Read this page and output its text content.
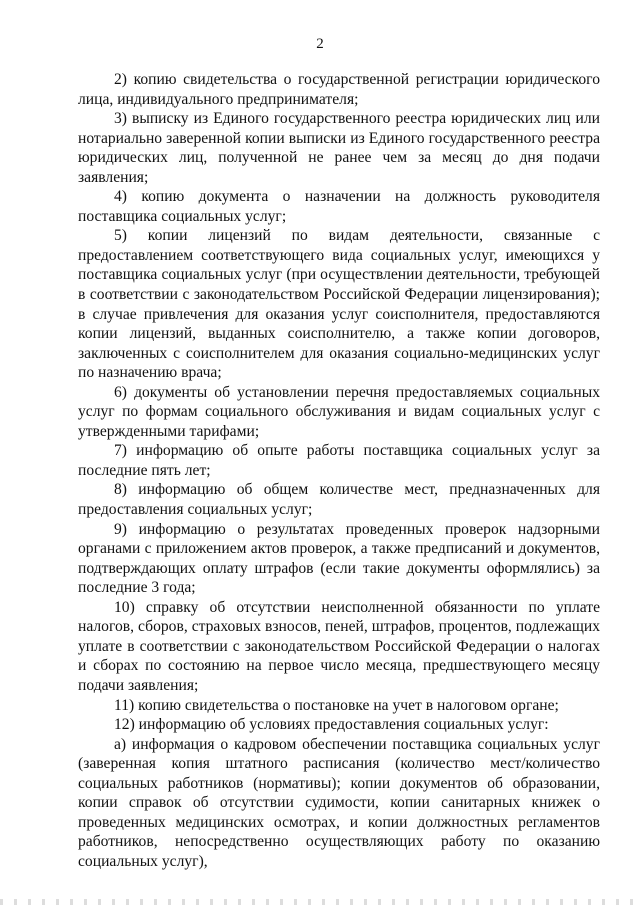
2

2) копию свидетельства о государственной регистрации юридического лица, индивидуального предпринимателя;

3) выписку из Единого государственного реестра юридических лиц или нотариально заверенной копии выписки из Единого государственного реестра юридических лиц, полученной не ранее чем за месяц до дня подачи заявления;

4) копию документа о назначении на должность руководителя поставщика социальных услуг;

5) копии лицензий по видам деятельности, связанные с предоставлением соответствующего вида социальных услуг, имеющихся у поставщика социальных услуг (при осуществлении деятельности, требующей в соответствии с законодательством Российской Федерации лицензирования); в случае привлечения для оказания услуг соисполнителя, предоставляются копии лицензий, выданных соисполнителю, а также копии договоров, заключенных с соисполнителем для оказания социально-медицинских услуг по назначению врача;

6) документы об установлении перечня предоставляемых социальных услуг по формам социального обслуживания и видам социальных услуг с утвержденными тарифами;

7) информацию об опыте работы поставщика социальных услуг за последние пять лет;

8) информацию об общем количестве мест, предназначенных для предоставления социальных услуг;

9) информацию о результатах проведенных проверок надзорными органами с приложением актов проверок, а также предписаний и документов, подтверждающих оплату штрафов (если такие документы оформлялись) за последние 3 года;

10) справку об отсутствии неисполненной обязанности по уплате налогов, сборов, страховых взносов, пеней, штрафов, процентов, подлежащих уплате в соответствии с законодательством Российской Федерации о налогах и сборах по состоянию на первое число месяца, предшествующего месяцу подачи заявления;

11) копию свидетельства о постановке на учет в налоговом органе;

12) информацию об условиях предоставления социальных услуг:

а) информация о кадровом обеспечении поставщика социальных услуг (заверенная копия штатного расписания (количество мест/количество социальных работников (нормативы); копии документов об образовании, копии справок об отсутствии судимости, копии санитарных книжек о проведенных медицинских осмотрах, и копии должностных регламентов работников, непосредственно осуществляющих работу по оказанию социальных услуг),
